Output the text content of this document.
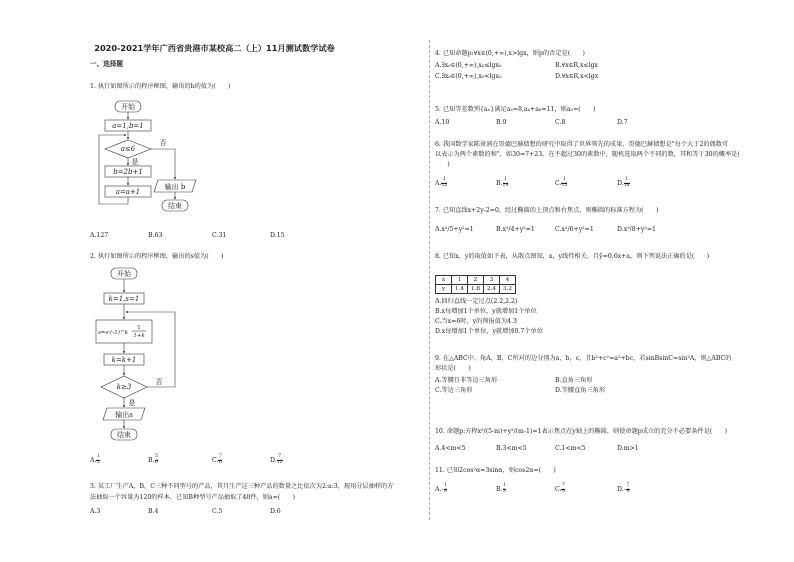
2020-2021学年广西省贵港市某校高二（上）11月测试数学试卷
一、选择题
1. 执行如图所示的程序框图，输出的b的值为(　　)
开始
a=1,b=1
a≤6
b=2b+1
a=a+1
输出 b
结束
否
是
A.127	B.63	C.31	D.15
2. 执行如图所示的程序框图，输出的s值为(　　)
开始
k=1,s=1
s=s·(-1)^k
1
1+k
k=k+1
k≥3
否
是
输出s
结束
A. $\frac{1}{2}$	B. $\frac{5}{6}$	C. $\frac{7}{6}$	D. $\frac{7}{12}$
3. 某工厂生产A，B，C三种不同型号的产品，其月生产这三种产品的数量之比依次为2:a:3，现用分层抽样的方
法抽取一个容量为120的样本，已知B种型号产品抽取了40件，则a=(　　)
A.3	B.4	C.5	D.6
4. 已知命题p:∀x∈(0,+∞),x>lgx，则p的否定是(　　)
A.∃x₀∈(0,+∞),x₀≤lgx₀	B.∀x∈R,x≤lgx
C.∃x₀∈(0,+∞),x₀<lgx₀	D.∀x∈R,x<lgx
5. 已知等差数列{aₙ}满足a₃=8,a₄+a₆=11，则a₅=(　　)
A.10	B.9	C.8	D.7
6. 我国数学家陈景润在哥德巴赫猜想的研究中取得了世界领先的成果，哥德巴赫猜想是"每个大于2的偶数可
以表示为两个素数的和"，如30=7+23。在不超过30的素数中，随机选取两个不同的数，其和等于30的概率是(
　　)
A. $\frac{1}{12}$	B. $\frac{1}{14}$	C. $\frac{1}{15}$	D. $\frac{1}{18}$
7. 已知直线x+2y-2=0，经过椭圆的上顶点和右焦点，则椭圆的标准方程为(　　)
A.x²/5+y²=1	B.x²/4+y²=1	C.x²/6+y²=1	D.x²/8+y²=1
8. 已知x，y的取值如下表，从散点图知，x，y线性相关，且ŷ=0.6x+a，则下列说法正确的是(　　)
x	1	2	3	4
y	1.4	1.8	2.4	3.2
A.回归直线一定过点(2.2,2.2)
B.x每增加1个单位，y就增加1个单位
C.当x=6时，y的预报值为4.3
D.x每增加1个单位，y就增加0.7个单位
9. 在△ABC中，角A，B，C所对的边分别为a，b，c，且b²+c²=a²+bc，若sinBsinC=sin²A，则△ABC的
形状是(　　)
A.等腰且非等边三角形	B.直角三角形
C.等边三角形	D.等腰直角三角形
10. 命题p:方程x²/(5-m)+y²/(m-1)=1表示焦点在y轴上的椭圆，则使命题p成立的充分不必要条件是(　　)
A.4<m<5	B.3<m<5	C.1<m<5	D.m>1
11. 已知2cos²α=3sinα，则cos2α=(　　)
$A.- \frac{1}{9}$	B. $\frac{1}{3}$	C. $\frac{7}{9}$	$D.- \frac{7}{9}$
